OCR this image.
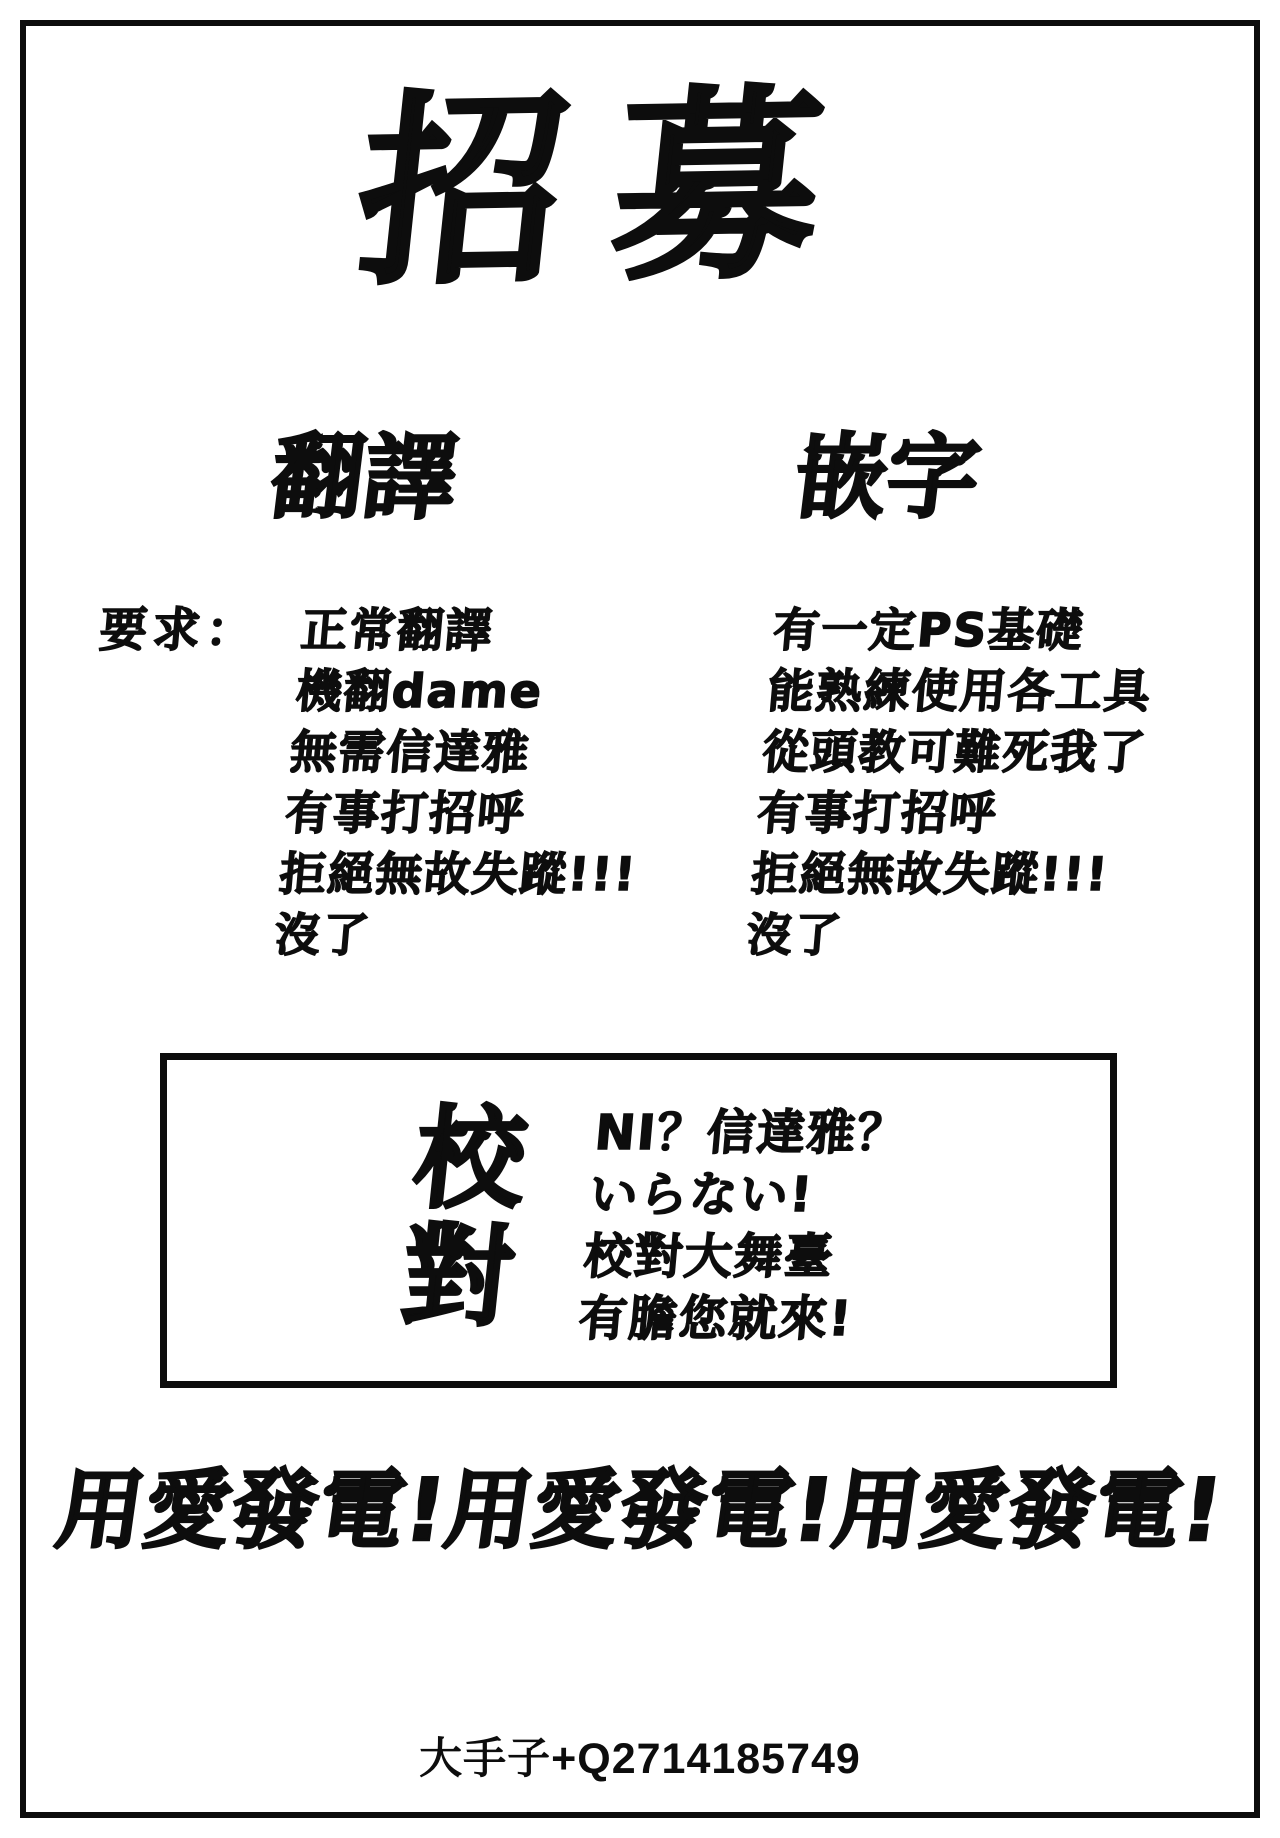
招募
翻譯	嵌字
要求： 正常翻譯
機翻dame
無需信達雅
有事打招呼
拒絕無故失蹤!!!
沒了
有一定PS基礎
能熟練使用各工具
從頭教可難死我了
有事打招呼
拒絕無故失蹤!!!
沒了
校對
NI？信達雅？
いらない!
校對大舞臺
有膽您就來!
用愛發電!用愛發電!用愛發電!
大手子+Q2714185749
